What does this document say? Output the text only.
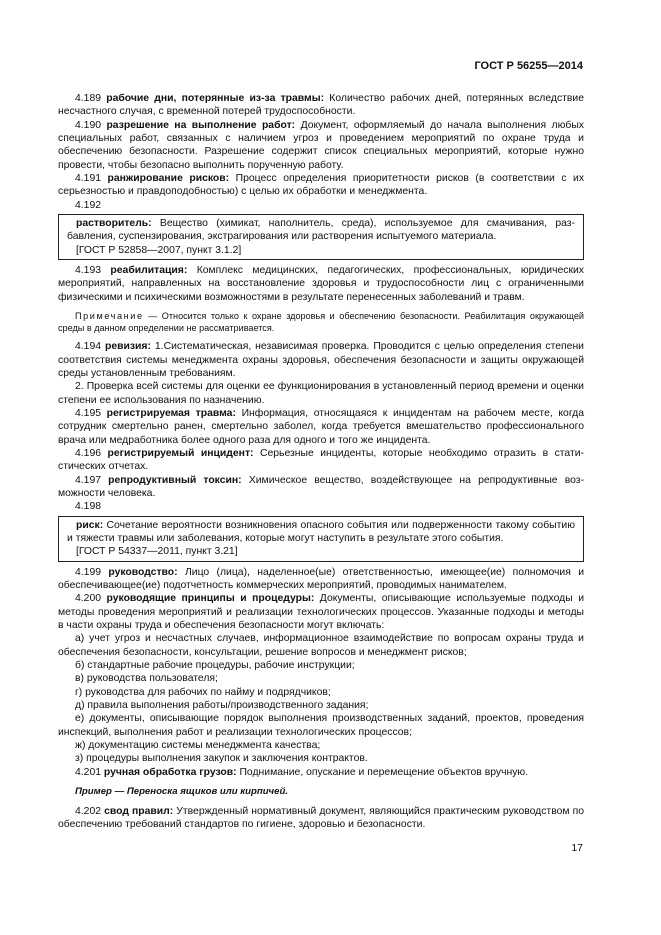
ГОСТ Р 56255—2014

4.189 рабочие дни, потерянные из-за травмы: Количество рабочих дней, потерянных вследствие несчастного случая, с временной потерей трудоспособности.

4.190 разрешение на выполнение работ: Документ, оформляемый до начала выполнения любых специальных работ, связанных с наличием угроз и проведением мероприятий по охране труда и обеспечению безопасности. Разрешение содержит список специальных мероприятий, которые нужно провести, чтобы безопасно выполнить порученную работу.

4.191 ранжирование рисков: Процесс определения приоритетности рисков (в соответствии с их серьезностью и правдоподобностью) с целью их обработки и менеджмента.

4.192

растворитель: Вещество (химикат, наполнитель, среда), используемое для смачивания, разбавления, суспензирования, экстрагирования или растворения испытуемого материала.

[ГОСТ Р 52858—2007, пункт 3.1.2]

4.193 реабилитация: Комплекс медицинских, педагогических, профессиональных, юридических мероприятий, направленных на восстановление здоровья и трудоспособности лиц с ограниченными физическими и психическими возможностями в результате перенесенных заболеваний и травм.

Примечание — Относится только к охране здоровья и обеспечению безопасности. Реабилитация окружающей среды в данном определении не рассматривается.

4.194 ревизия: 1.Систематическая, независимая проверка. Проводится с целью определения степени соответствия системы менеджмента охраны здоровья, обеспечения безопасности и защиты окружающей среды установленным требованиям.

2. Проверка всей системы для оценки ее функционирования в установленный период времени и оценки степени ее использования по назначению.

4.195 регистрируемая травма: Информация, относящаяся к инцидентам на рабочем месте, когда сотрудник смертельно ранен, смертельно заболел, когда требуется вмешательство профессионального врача или медработника более одного раза для одного и того же инцидента.

4.196 регистрируемый инцидент: Серьезные инциденты, которые необходимо отразить в статистических отчетах.

4.197 репродуктивный токсин: Химическое вещество, воздействующее на репродуктивные возможности человека.

4.198

риск: Сочетание вероятности возникновения опасного события или подверженности такому событию и тяжести травмы или заболевания, которые могут наступить в результате этого события.

[ГОСТ Р 54337—2011, пункт 3.21]

4.199 руководство: Лицо (лица), наделенное(ые) ответственностью, имеющее(ие) полномочия и обеспечивающее(ие) подотчетность коммерческих мероприятий, проводимых нанимателем.

4.200 руководящие принципы и процедуры: Документы, описывающие используемые подходы и методы проведения мероприятий и реализации технологических процессов. Указанные подходы и методы в части охраны труда и обеспечения безопасности могут включать:

а) учет угроз и несчастных случаев, информационное взаимодействие по вопросам охраны труда и обеспечения безопасности, консультации, решение вопросов и менеджмент рисков;

б) стандартные рабочие процедуры, рабочие инструкции;

в) руководства пользователя;

г) руководства для рабочих по найму и подрядчиков;

д) правила выполнения работы/производственного задания;

е) документы, описывающие порядок выполнения производственных заданий, проектов, проведения инспекций, выполнения работ и реализации технологических процессов;

ж) документацию системы менеджмента качества;

з) процедуры выполнения закупок и заключения контрактов.

4.201 ручная обработка грузов: Поднимание, опускание и перемещение объектов вручную.

Пример — Переноска ящиков или кирпичей.

4.202 свод правил: Утвержденный нормативный документ, являющийся практическим руководством по обеспечению требований стандартов по гигиене, здоровью и безопасности.

17
